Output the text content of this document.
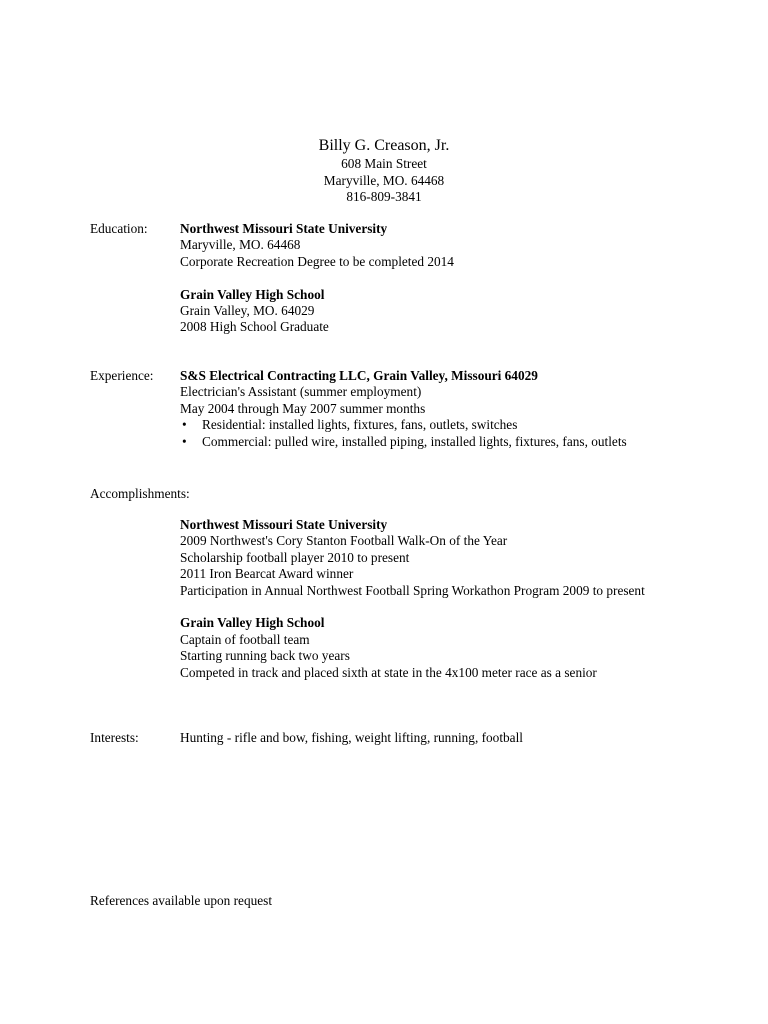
Billy G. Creason, Jr.
608 Main Street
Maryville, MO. 64468
816-809-3841
Education: Northwest Missouri State University
Maryville, MO. 64468
Corporate Recreation Degree to be completed 2014
Grain Valley High School
Grain Valley, MO. 64029
2008 High School Graduate
Experience: S&S Electrical Contracting LLC, Grain Valley, Missouri 64029
Electrician's Assistant (summer employment)
May 2004 through May 2007 summer months
• Residential: installed lights, fixtures, fans, outlets, switches
• Commercial: pulled wire, installed piping, installed lights, fixtures, fans, outlets
Accomplishments:
Northwest Missouri State University
2009 Northwest's Cory Stanton Football Walk-On of the Year
Scholarship football player 2010 to present
2011 Iron Bearcat Award winner
Participation in Annual Northwest Football Spring Workathon Program 2009 to present
Grain Valley High School
Captain of football team
Starting running back two years
Competed in track and placed sixth at state in the 4x100 meter race as a senior
Interests:	Hunting - rifle and bow, fishing, weight lifting, running, football
References available upon request
